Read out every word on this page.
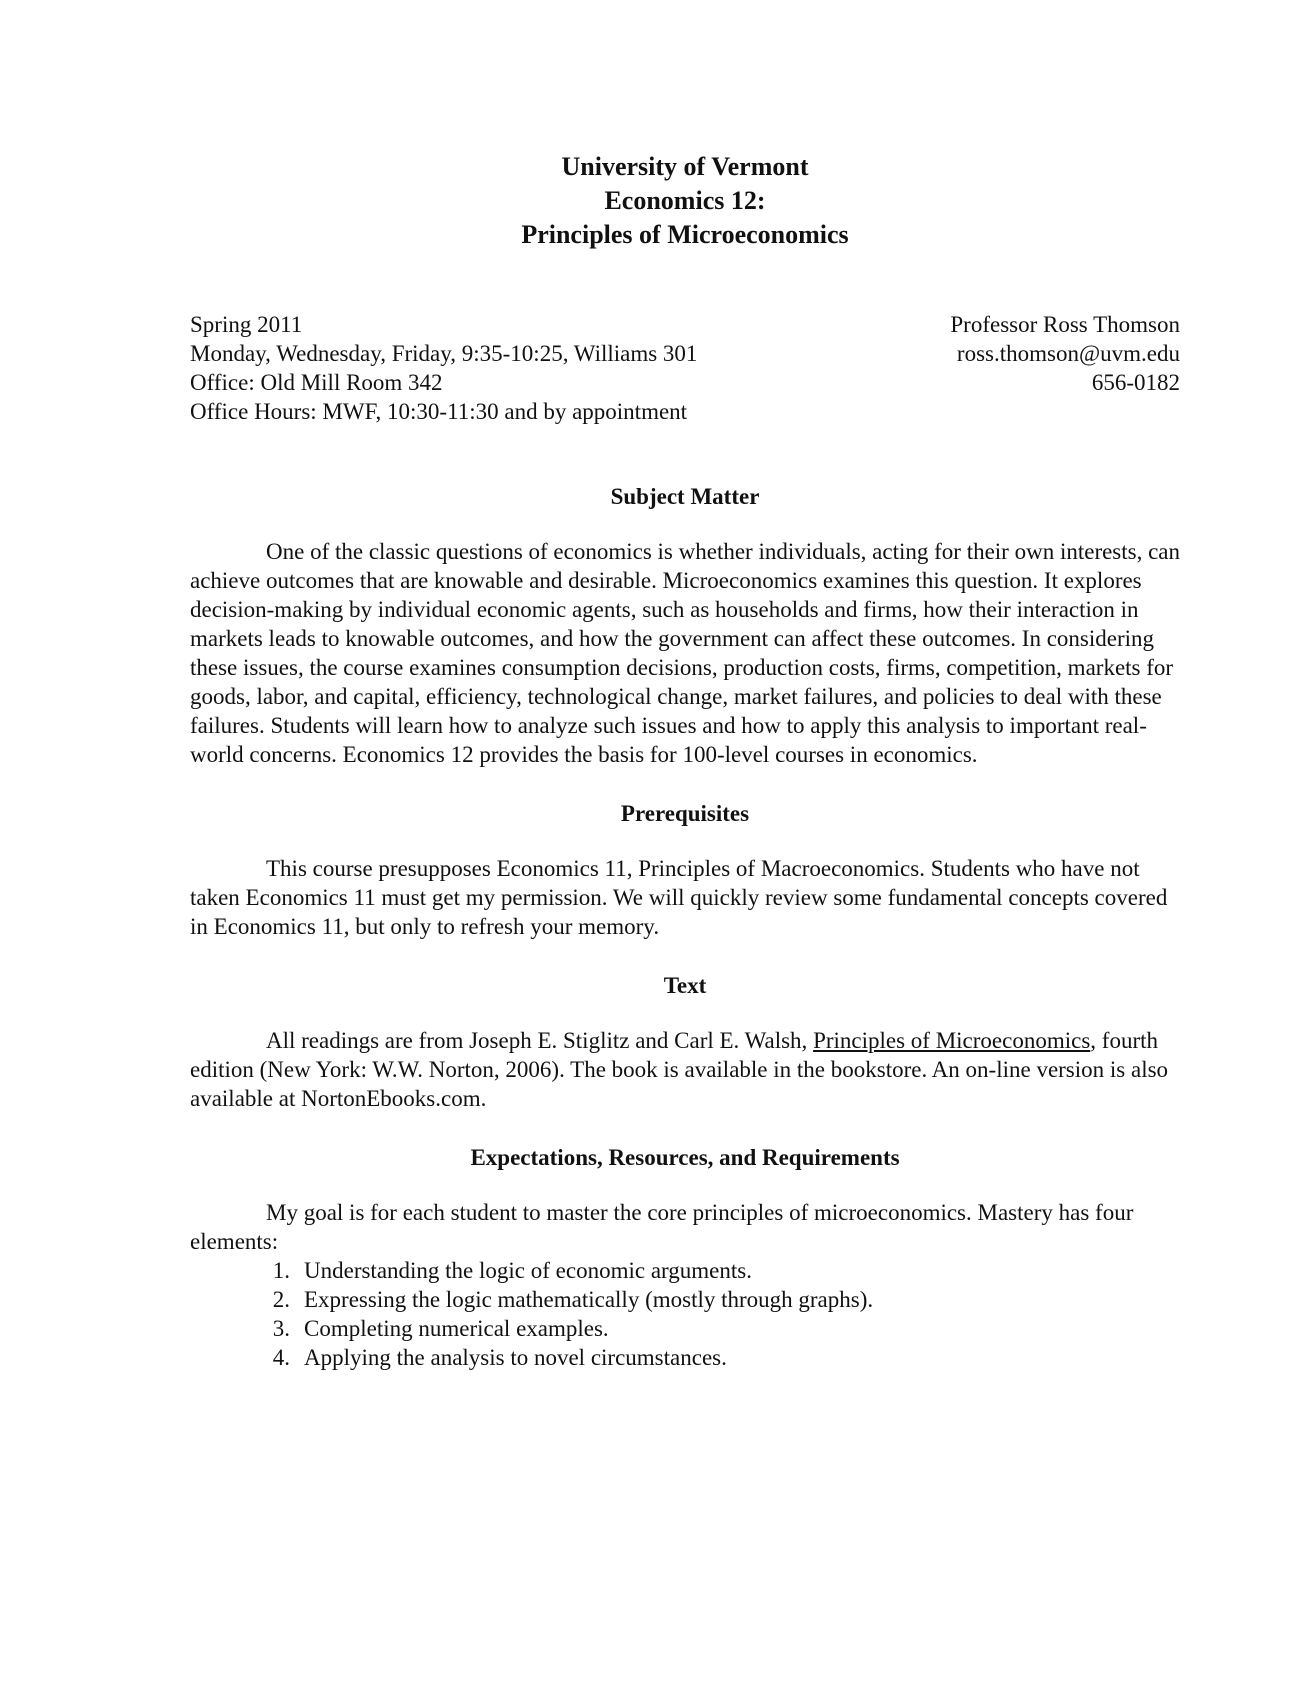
University of Vermont
Economics 12:
Principles of Microeconomics
Spring 2011
Monday, Wednesday, Friday, 9:35-10:25, Williams 301
Office: Old Mill Room 342
Office Hours: MWF, 10:30-11:30 and by appointment
Professor Ross Thomson
ross.thomson@uvm.edu
656-0182
Subject Matter

One of the classic questions of economics is whether individuals, acting for their own interests, can achieve outcomes that are knowable and desirable. Microeconomics examines this question. It explores decision-making by individual economic agents, such as households and firms, how their interaction in markets leads to knowable outcomes, and how the government can affect these outcomes. In considering these issues, the course examines consumption decisions, production costs, firms, competition, markets for goods, labor, and capital, efficiency, technological change, market failures, and policies to deal with these failures. Students will learn how to analyze such issues and how to apply this analysis to important real-world concerns. Economics 12 provides the basis for 100-level courses in economics.

Prerequisites

This course presupposes Economics 11, Principles of Macroeconomics. Students who have not taken Economics 11 must get my permission. We will quickly review some fundamental concepts covered in Economics 11, but only to refresh your memory.

Text

All readings are from Joseph E. Stiglitz and Carl E. Walsh, Principles of Microeconomics, fourth edition (New York: W.W. Norton, 2006). The book is available in the bookstore. An on-line version is also available at NortonEbooks.com.

Expectations, Resources, and Requirements

My goal is for each student to master the core principles of microeconomics. Mastery has four elements:

1. Understanding the logic of economic arguments.
2. Expressing the logic mathematically (mostly through graphs).
3. Completing numerical examples.
4. Applying the analysis to novel circumstances.
